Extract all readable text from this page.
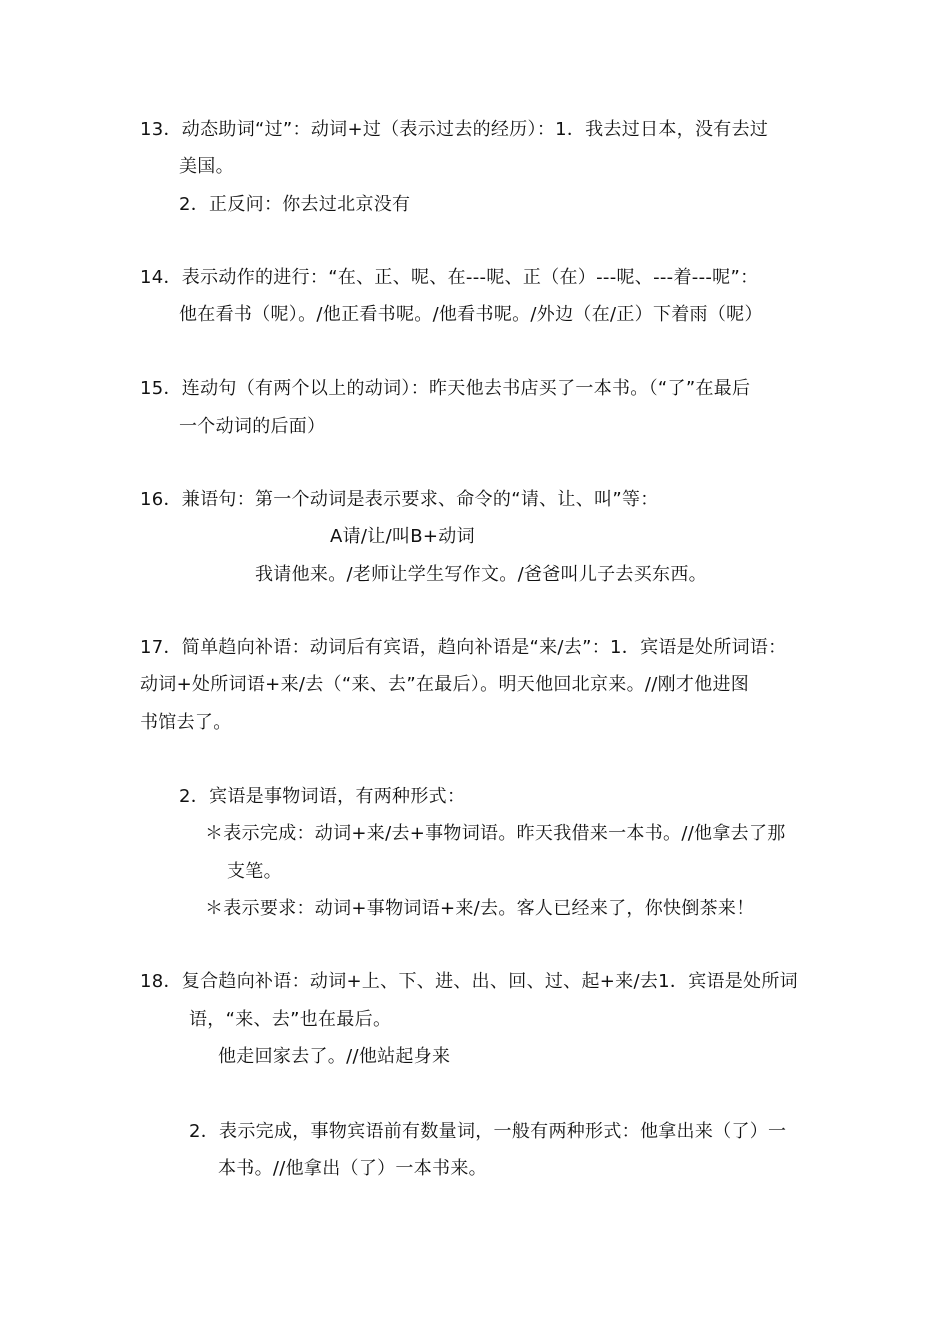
13．动态助词“过”：动词+过（表示过去的经历）：1．我去过日本，没有去过
美国。
2．正反问：你去过北京没有
14．表示动作的进行：“在、正、呢、在---呢、正（在）---呢、---着---呢”：
他在看书（呢）。/他正看书呢。/他看书呢。/外边（在/正）下着雨（呢）
15．连动句（有两个以上的动词）：昨天他去书店买了一本书。（“了”在最后
一个动词的后面）
16．兼语句：第一个动词是表示要求、命令的“请、让、叫”等：
A请/让/叫B+动词
我请他来。/老师让学生写作文。/爸爸叫儿子去买东西。
17．简单趋向补语：动词后有宾语，趋向补语是“来/去”：1．宾语是处所词语：
动词+处所词语+来/去（“来、去”在最后）。明天他回北京来。//刚才他进图
书馆去了。
2．宾语是事物词语，有两种形式：
＊表示完成：动词+来/去+事物词语。昨天我借来一本书。//他拿去了那
支笔。
＊表示要求：动词+事物词语+来/去。客人已经来了，你快倒茶来！
18．复合趋向补语：动词+上、下、进、出、回、过、起+来/去1．宾语是处所词
语，“来、去”也在最后。
他走回家去了。//他站起身来
2．表示完成，事物宾语前有数量词，一般有两种形式：他拿出来（了）一
本书。//他拿出（了）一本书来。
